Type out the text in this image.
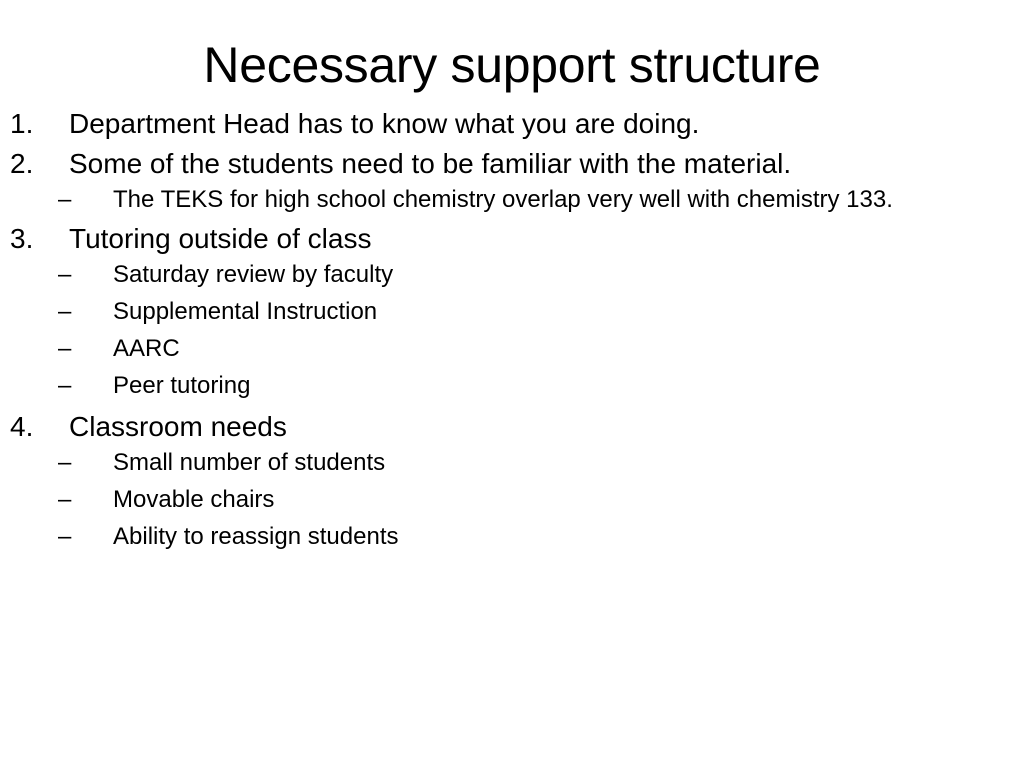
Necessary support structure
1.	Department Head has to know what you are doing.
2.	Some of the students need to be familiar with the material.
–	The TEKS for high school chemistry overlap very well with chemistry 133.
3.	Tutoring outside of class
–	Saturday review by faculty
–	Supplemental Instruction
–	AARC
–	Peer tutoring
4.	Classroom needs
–	Small number of students
–	Movable chairs
–	Ability to reassign students
